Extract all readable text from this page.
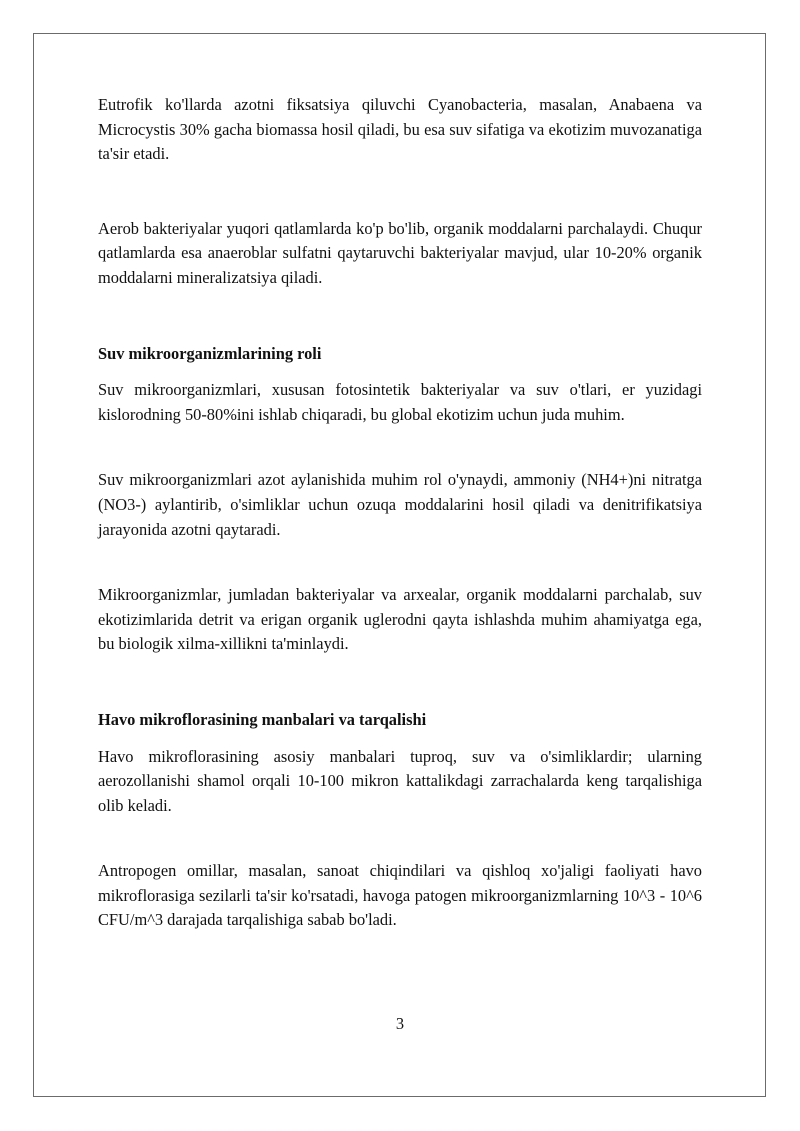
Eutrofik ko'llarda azotni fiksatsiya qiluvchi Cyanobacteria, masalan, Anabaena va Microcystis 30% gacha biomassa hosil qiladi, bu esa suv sifatiga va ekotizim muvozanatiga ta'sir etadi.

Aerob bakteriyalar yuqori qatlamlarda ko'p bo'lib, organik moddalarni parchalaydi. Chuqur qatlamlarda esa anaeroblar sulfatni qaytaruvchi bakteriyalar mavjud, ular 10-20% organik moddalarni mineralizatsiya qiladi.

Suv mikroorganizmlarining roli

Suv mikroorganizmlari, xususan fotosintetik bakteriyalar va suv o'tlari, er yuzidagi kislorodning 50-80%ini ishlab chiqaradi, bu global ekotizim uchun juda muhim.

Suv mikroorganizmlari azot aylanishida muhim rol o'ynaydi, ammoniy (NH4+)ni nitratga (NO3-) aylantirib, o'simliklar uchun ozuqa moddalarini hosil qiladi va denitrifikatsiya jarayonida azotni qaytaradi.

Mikroorganizmlar, jumladan bakteriyalar va arxealar, organik moddalarni parchalab, suv ekotizimlarida detrit va erigan organik uglerodni qayta ishlashda muhim ahamiyatga ega, bu biologik xilma-xillikni ta'minlaydi.

Havo mikroflorasining manbalari va tarqalishi

Havo mikroflorasining asosiy manbalari tuproq, suv va o'simliklardir; ularning aerozollanishi shamol orqali 10-100 mikron kattalikdagi zarrachalarda keng tarqalishiga olib keladi.

Antropogen omillar, masalan, sanoat chiqindilari va qishloq xo'jaligi faoliyati havo mikroflorasiga sezilarli ta'sir ko'rsatadi, havoga patogen mikroorganizmlarning 10^3 - 10^6 CFU/m^3 darajada tarqalishiga sabab bo'ladi.

3
